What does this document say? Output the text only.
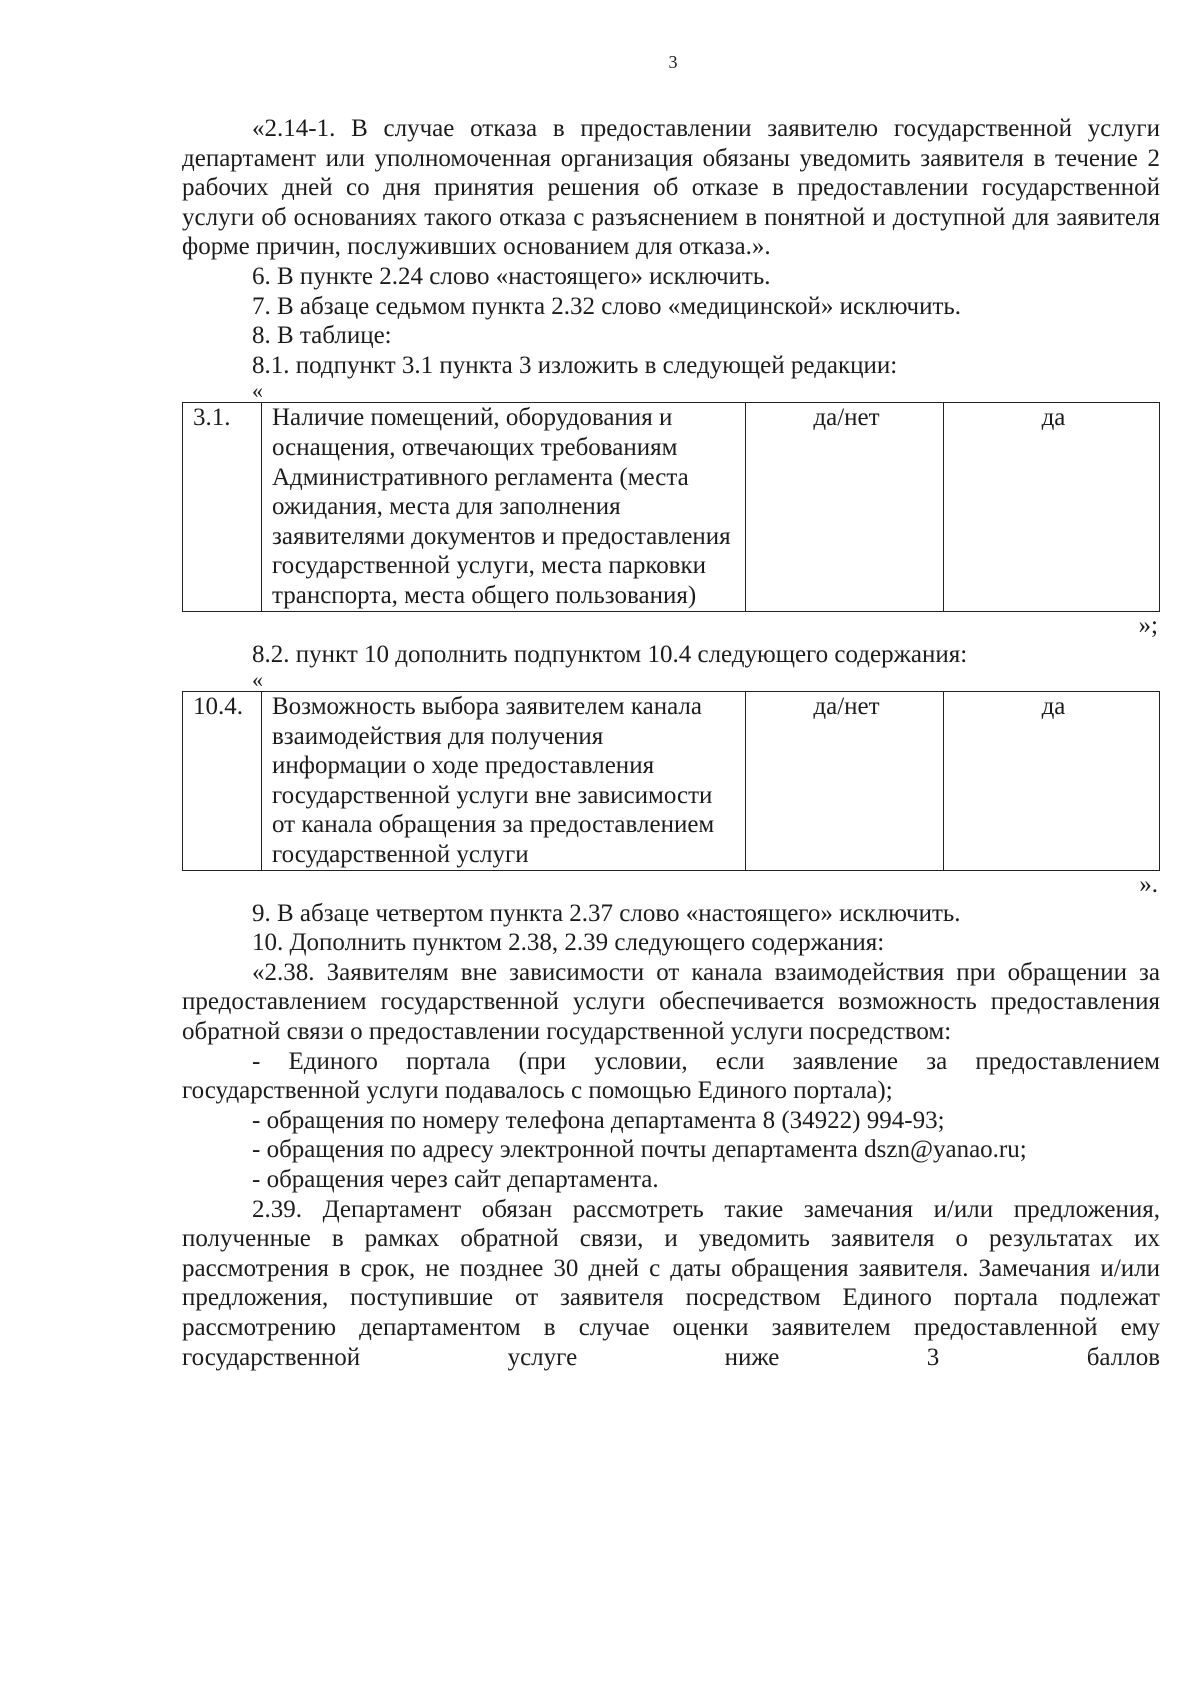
3

«2.14-1. В случае отказа в предоставлении заявителю государственной услуги департамент или уполномоченная организация обязаны уведомить заявителя в течение 2 рабочих дней со дня принятия решения об отказе в предоставлении государственной услуги об основаниях такого отказа с разъяснением в понятной и доступной для заявителя форме причин, послуживших основанием для отказа.».

6. В пункте 2.24 слово «настоящего» исключить.

7. В абзаце седьмом пункта 2.32 слово «медицинской» исключить.

8. В таблице:

8.1. подпункт 3.1 пункта 3 изложить в следующей редакции:

«
3.1.	Наличие помещений, оборудования и оснащения, отвечающих требованиям Административного регламента (места ожидания, места для заполнения заявителями документов и предоставления государственной услуги, места парковки транспорта, места общего пользования)	да/нет	да
»;

8.2. пункт 10 дополнить подпунктом 10.4 следующего содержания:

«
10.4.	Возможность выбора заявителем канала взаимодействия для получения информации о ходе предоставления государственной услуги вне зависимости от канала обращения за предоставлением государственной услуги	да/нет	да
».

9. В абзаце четвертом пункта 2.37 слово «настоящего» исключить.

10. Дополнить пунктом 2.38, 2.39 следующего содержания:

«2.38. Заявителям вне зависимости от канала взаимодействия при обращении за предоставлением государственной услуги обеспечивается возможность предоставления обратной связи о предоставлении государственной услуги посредством:

- Единого портала (при условии, если заявление за предоставлением государственной услуги подавалось с помощью Единого портала);

- обращения по номеру телефона департамента 8 (34922) 994-93;

- обращения по адресу электронной почты департамента dszn@yanao.ru;

- обращения через сайт департамента.

2.39. Департамент обязан рассмотреть такие замечания и/или предложения, полученные в рамках обратной связи, и уведомить заявителя о результатах их рассмотрения в срок, не позднее 30 дней с даты обращения заявителя. Замечания и/или предложения, поступившие от заявителя посредством Единого портала подлежат рассмотрению департаментом в случае оценки заявителем предоставленной ему государственной услуге ниже 3 баллов
